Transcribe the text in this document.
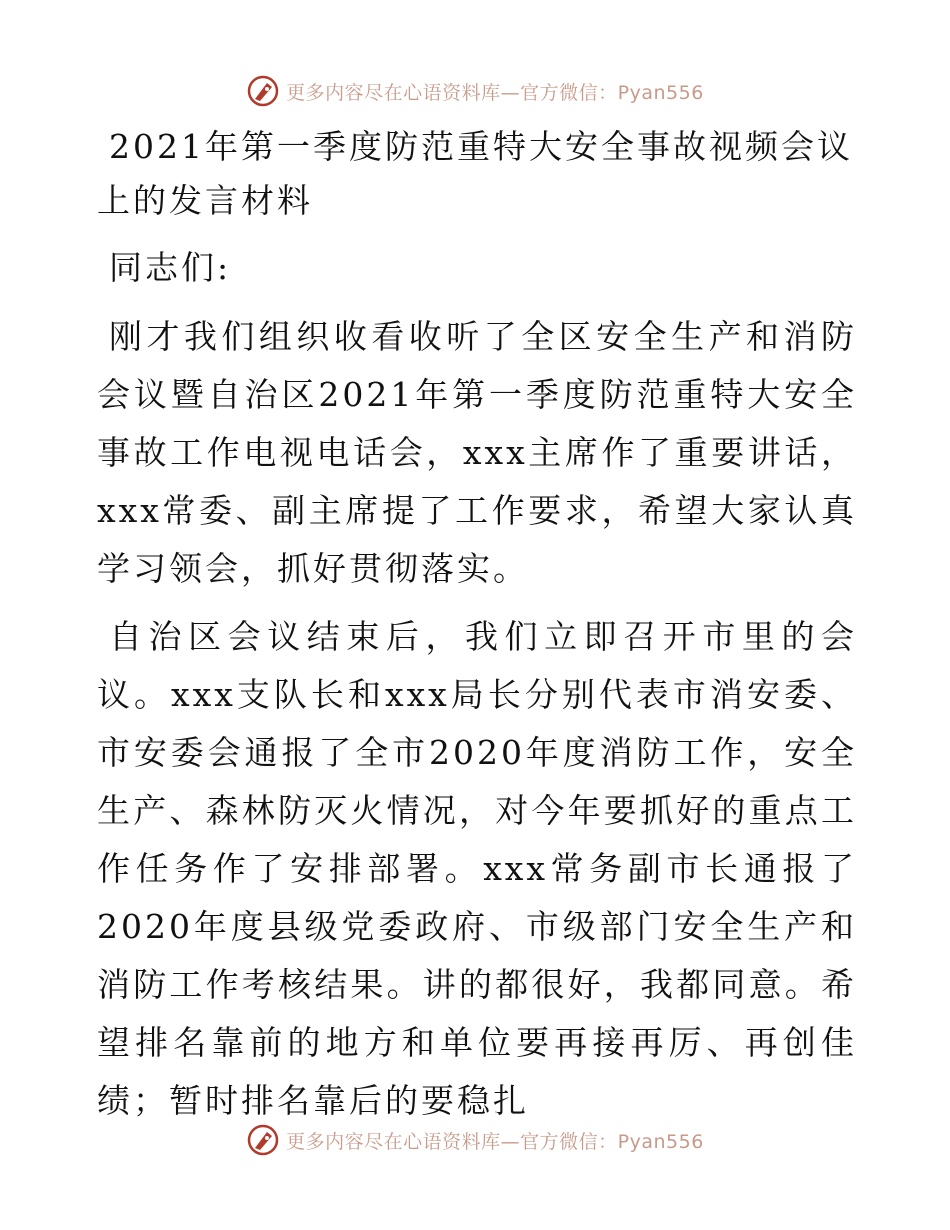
更多内容尽在心语资料库—官方微信：Pyan556
2021年第一季度防范重特大安全事故视频会议上的发言材料

同志们:

刚才我们组织收看收听了全区安全生产和消防会议暨自治区2021年第一季度防范重特大安全事故工作电视电话会，xxx主席作了重要讲话，xxx常委、副主席提了工作要求，希望大家认真学习领会，抓好贯彻落实。

自治区会议结束后，我们立即召开市里的会议。xxx支队长和xxx局长分别代表市消安委、市安委会通报了全市2020年度消防工作，安全生产、森林防灭火情况，对今年要抓好的重点工作任务作了安排部署。xxx常务副市长通报了2020年度县级党委政府、市级部门安全生产和消防工作考核结果。讲的都很好，我都同意。希望排名靠前的地方和单位要再接再厉、再创佳绩；暂时排名靠后的要稳扎

更多内容尽在心语资料库—官方微信：Pyan556
